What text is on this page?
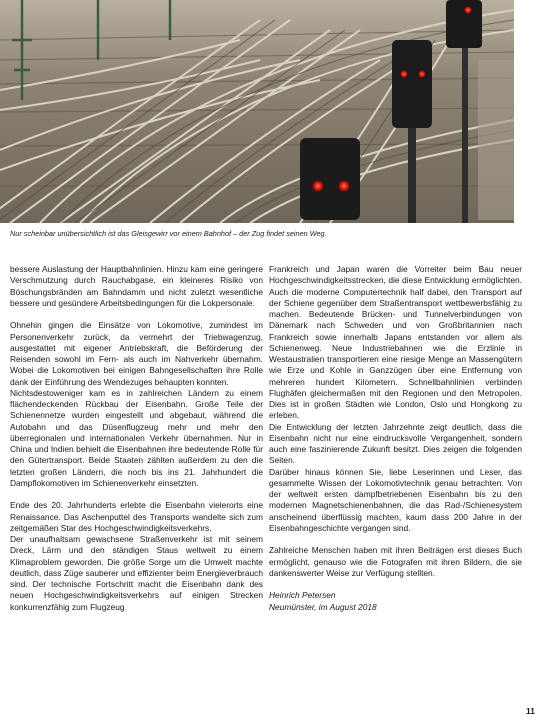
Nur scheinbar unübersichtlich ist das Gleisgewirr vor einem Bahnhof – der Zug findet seinen Weg.

bessere Auslastung der Hauptbahnlinien. Hinzu kam eine geringere Verschmutzung durch Rauchabgase, ein kleineres Risiko von Böschungsbränden am Bahndamm und nicht zuletzt wesentliche bessere und gesündere Arbeitsbedingungen für die Lokpersonale.

Ohnehin gingen die Einsätze von Lokomotive, zumindest im Personenverkehr zurück, da vermehrt der Triebwagenzug, ausgestattet mit eigener Antriebskraft, die Beförderung der Reisenden sowohl im Fern- als auch im Nahverkehr übernahm. Wobei die Lokomotiven bei einigen Bahngesellschaften ihre Rolle dank der Einführung des Wendezuges behaupten konnten.

Nichtsdestoweniger kam es in zahlreichen Ländern zu einem flächendeckenden Rückbau der Eisenbahn. Große Teile der Schienennetze wurden eingestellt und abgebaut, während die Autobahn und das Düsenflugzeug mehr und mehr den überregionalen und internationalen Verkehr übernahmen. Nur in China und Indien behielt die Eisenbahnen ihre bedeutende Rolle für den Gütertransport. Beide Staaten zählten außerdem zu den die letzten großen Ländern, die noch bis ins 21. Jahrhundert die Dampflokomotiven im Schienenverkehr einsetzten.

Ende des 20. Jahrhunderts erlebte die Eisenbahn vielerorts eine Renaissance. Das Aschenputtel des Transports wandelte sich zum zeitgemäßen Star des Hochgeschwindigkeitsverkehrs.

Der unaufhaltsam gewachsene Straßenverkehr ist mit seinem Dreck, Lärm und den ständigen Staus weltweit zu einem Klimaproblem geworden. Die größe Sorge um die Umwelt machte deutlich, dass Züge sauberer und effizienter beim Energieverbrauch sind. Der technische Fortschritt macht die Eisenbahn dank des neuen Hochgeschwindigkeitsverkehrs auf einigen Strecken konkurrenzfähig zum Flugzeug

Frankreich und Japan waren die Vorreiter beim Bau neuer Hochgeschwindigkeitsstrecken, die diese Entwicklung ermöglichten. Auch die moderne Computertechnik half dabei, den Transport auf der Schiene gegenüber dem Straßentransport wettbewerbsfähig zu machen. Bedeutende Brücken- und Tunnelverbindungen von Dänemark nach Schweden und von Großbritannien nach Frankreich sowie innerhalb Japans entstanden vor allem als Schienenweg. Neue Industriebahnen wie die Erzlinie in Westaustralien transportieren eine riesige Menge an Massengütern wie Erze und Kohle in Ganzzügen über eine Entfernung von mehreren hundert Kilometern. Schnellbahnlinien verbinden Flughäfen gleichermaßen mit den Regionen und den Metropolen. Dies ist in großen Städten wie London, Oslo und Hongkong zu erleben.

Die Entwicklung der letzten Jahrzehnte zeigt deutlich, dass die Eisenbahn nicht nur eine eindrucksvolle Vergangenheit, sondern auch eine faszinierende Zukunft besitzt. Dies zeigen die folgenden Seiten.

Darüber hinaus können Sie, liebe Leserinnen und Leser, das gesammelte Wissen der Lokomotivtechnik genau betrachten. Von der weltweit ersten dampfbetriebenen Eisenbahn bis zu den modernen Magnetschienenbahnen, die das Rad-/Schienesystem anscheinend überflüssig machten, kaum dass 200 Jahre in der Eisenbahngeschichte vergangen sind.

Zahlreiche Menschen haben mit ihren Beiträgen erst dieses Buch ermöglicht, genauso wie die Fotografen mit ihren Bildern, die sie dankenswerter Weise zur Verfügung stellten.

Heinrich Petersen
Neumünster, im August 2018
11
